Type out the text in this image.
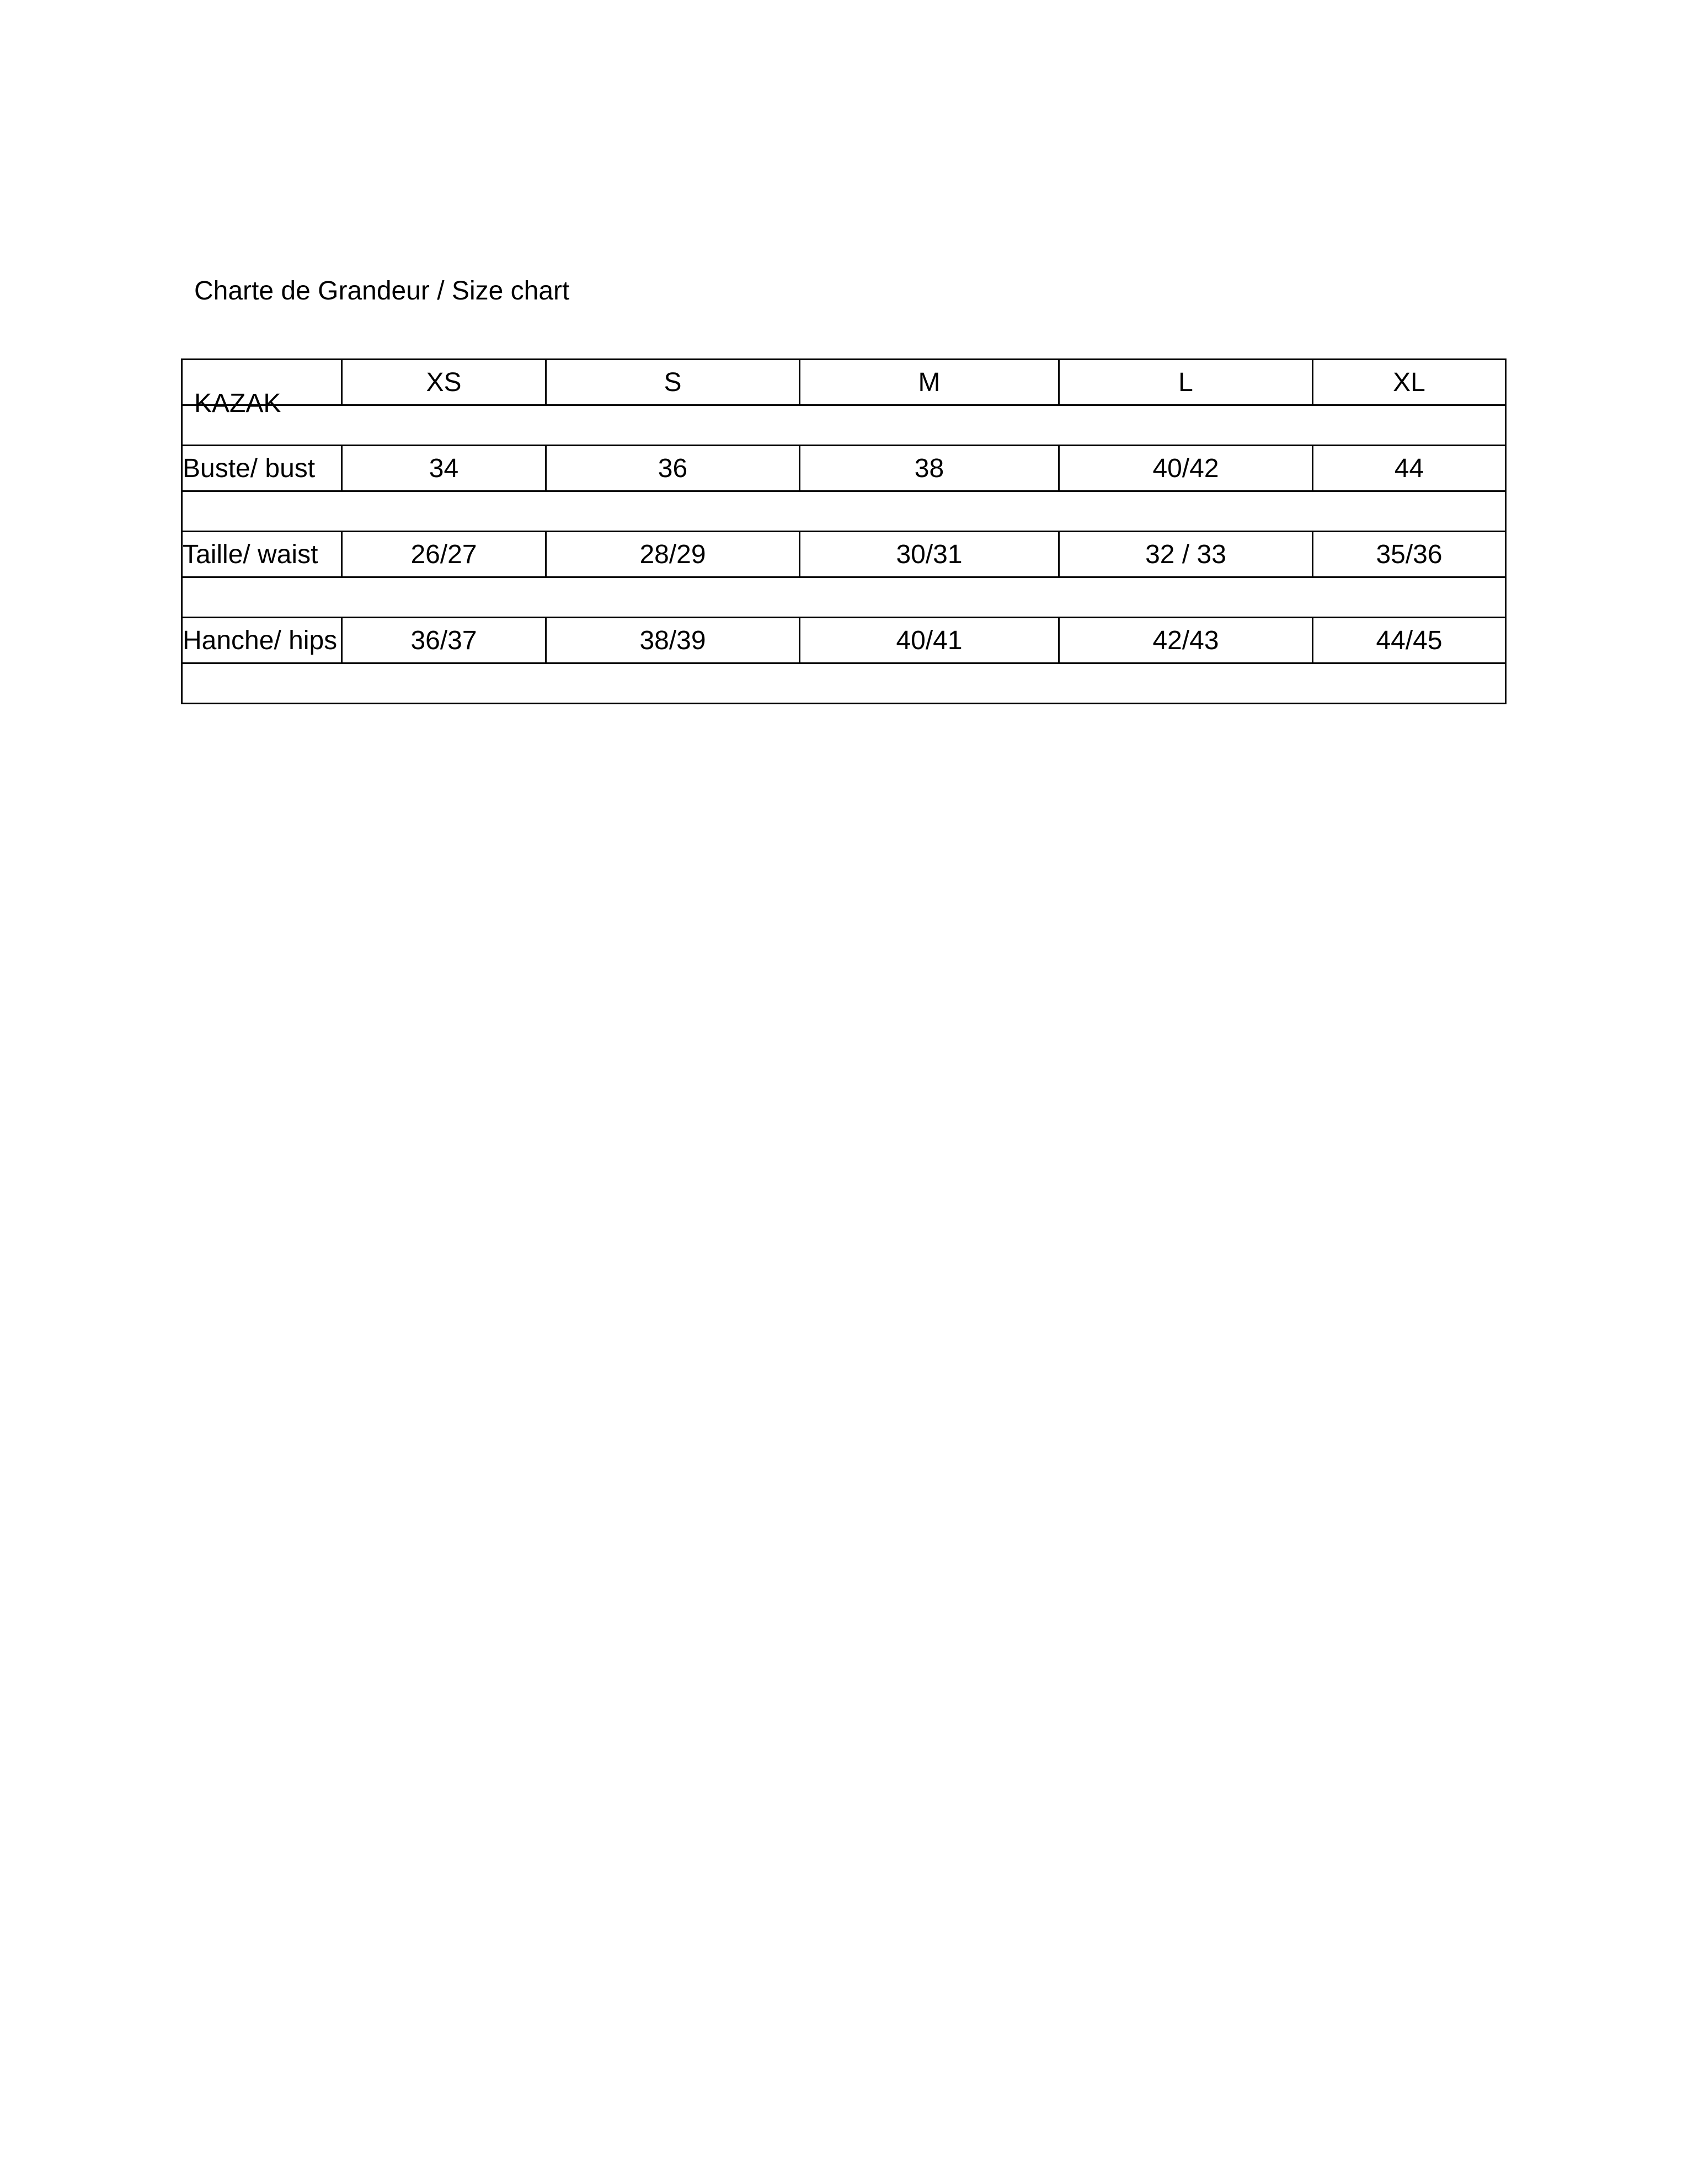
Charte de Grandeur / Size chart

KAZAK

	XS	S	M	L	XL

Buste/ bust	34	36	38	40/42	44

Taille/ waist	26/27	28/29	30/31	32 / 33	35/36

Hanche/ hips	36/37	38/39	40/41	42/43	44/45
